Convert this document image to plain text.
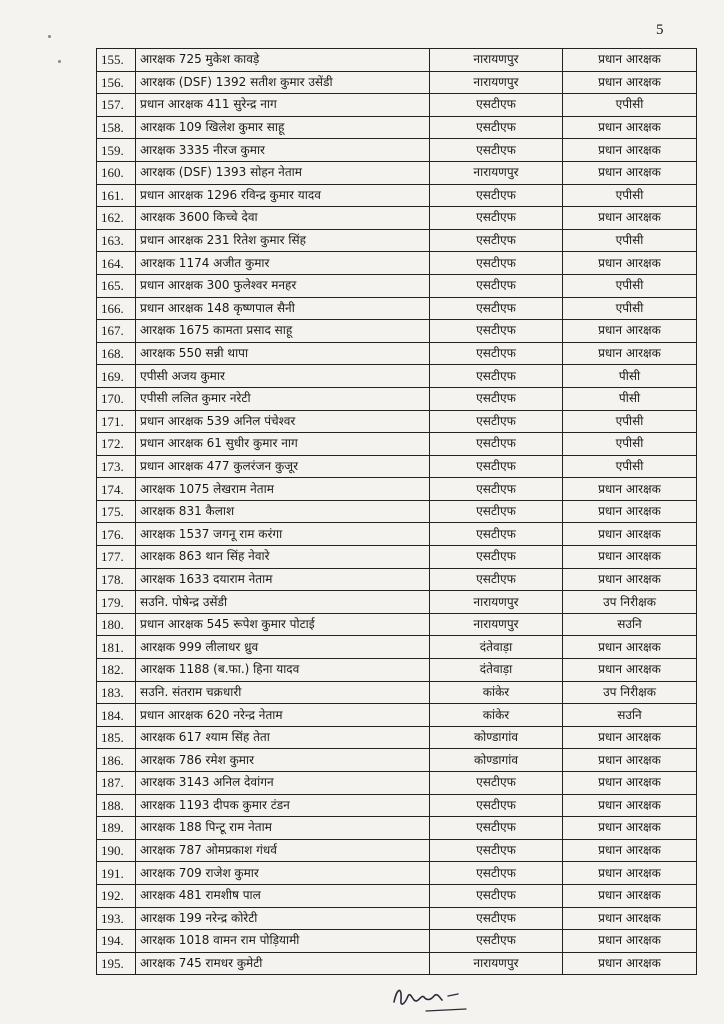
5
155.	आरक्षक 725 मुकेश कावड़े	नारायणपुर	प्रधान आरक्षक
156.	आरक्षक (DSF) 1392 सतीश कुमार उसेंडी	नारायणपुर	प्रधान आरक्षक
157.	प्रधान आरक्षक 411 सुरेन्द्र नाग	एसटीएफ	एपीसी
158.	आरक्षक 109 खिलेश कुमार साहू	एसटीएफ	प्रधान आरक्षक
159.	आरक्षक 3335 नीरज कुमार	एसटीएफ	प्रधान आरक्षक
160.	आरक्षक (DSF) 1393 सोहन नेताम	नारायणपुर	प्रधान आरक्षक
161.	प्रधान आरक्षक 1296 रविन्द्र कुमार यादव	एसटीएफ	एपीसी
162.	आरक्षक 3600 किच्चे देवा	एसटीएफ	प्रधान आरक्षक
163.	प्रधान आरक्षक 231 रितेश कुमार सिंह	एसटीएफ	एपीसी
164.	आरक्षक 1174 अजीत कुमार	एसटीएफ	प्रधान आरक्षक
165.	प्रधान आरक्षक 300 फुलेश्वर मनहर	एसटीएफ	एपीसी
166.	प्रधान आरक्षक 148 कृष्णपाल सैनी	एसटीएफ	एपीसी
167.	आरक्षक 1675 कामता प्रसाद साहू	एसटीएफ	प्रधान आरक्षक
168.	आरक्षक 550 सन्नी थापा	एसटीएफ	प्रधान आरक्षक
169.	एपीसी अजय कुमार	एसटीएफ	पीसी
170.	एपीसी ललित कुमार नरेटी	एसटीएफ	पीसी
171.	प्रधान आरक्षक 539 अनिल पंचेश्वर	एसटीएफ	एपीसी
172.	प्रधान आरक्षक 61 सुधीर कुमार नाग	एसटीएफ	एपीसी
173.	प्रधान आरक्षक 477 कुलरंजन कुजूर	एसटीएफ	एपीसी
174.	आरक्षक 1075 लेखराम नेताम	एसटीएफ	प्रधान आरक्षक
175.	आरक्षक 831 कैलाश	एसटीएफ	प्रधान आरक्षक
176.	आरक्षक 1537 जगनू राम करंगा	एसटीएफ	प्रधान आरक्षक
177.	आरक्षक 863 थान सिंह नेवारे	एसटीएफ	प्रधान आरक्षक
178.	आरक्षक 1633 दयाराम नेताम	एसटीएफ	प्रधान आरक्षक
179.	सउनि. पोषेन्द्र उसेंडी	नारायणपुर	उप निरीक्षक
180.	प्रधान आरक्षक 545 रूपेश कुमार पोटाई	नारायणपुर	सउनि
181.	आरक्षक 999 लीलाधर ध्रुव	दंतेवाड़ा	प्रधान आरक्षक
182.	आरक्षक 1188 (ब.फा.) हिना यादव	दंतेवाड़ा	प्रधान आरक्षक
183.	सउनि. संतराम चक्रधारी	कांकेर	उप निरीक्षक
184.	प्रधान आरक्षक 620 नरेन्द्र नेताम	कांकेर	सउनि
185.	आरक्षक 617 श्याम सिंह तेता	कोण्डागांव	प्रधान आरक्षक
186.	आरक्षक 786 रमेश कुमार	कोण्डागांव	प्रधान आरक्षक
187.	आरक्षक 3143 अनिल देवांगन	एसटीएफ	प्रधान आरक्षक
188.	आरक्षक 1193 दीपक कुमार टंडन	एसटीएफ	प्रधान आरक्षक
189.	आरक्षक 188 पिन्टू राम नेताम	एसटीएफ	प्रधान आरक्षक
190.	आरक्षक 787 ओमप्रकाश गंधर्व	एसटीएफ	प्रधान आरक्षक
191.	आरक्षक 709 राजेश कुमार	एसटीएफ	प्रधान आरक्षक
192.	आरक्षक 481 रामशीष पाल	एसटीएफ	प्रधान आरक्षक
193.	आरक्षक 199 नरेन्द्र कोरेटी	एसटीएफ	प्रधान आरक्षक
194.	आरक्षक 1018 वामन राम पोड़ियामी	एसटीएफ	प्रधान आरक्षक
195.	आरक्षक 745 रामधर कुमेटी	नारायणपुर	प्रधान आरक्षक
